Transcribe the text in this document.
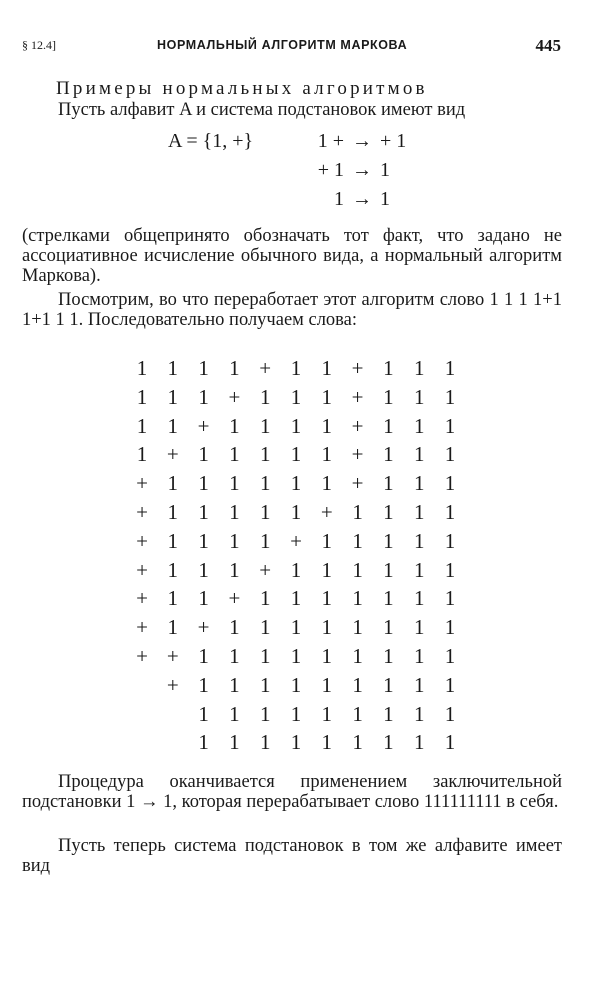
§ 12.4]	НОРМАЛЬНЫЙ АЛГОРИТМ МАРКОВА	445
Примеры нормальных алгоритмов
Пусть алфавит A и система подстановок имеют вид
A = {1, +}	1 + → + 1
+ 1 → 1
1 → 1
(стрелками общепринято обозначать тот факт, что задано не ассоциативное исчисление обычного вида, а нормальный алгоритм Маркова).
Посмотрим, во что переработает этот алгоритм слово 1 1 1 1+1 1+1 1 1. Последовательно получаем слова:
1 1 1 1 + 1 1 + 1 1 1
1 1 1 + 1 1 1 + 1 1 1
1 1 + 1 1 1 1 + 1 1 1
1 + 1 1 1 1 1 + 1 1 1
+ 1 1 1 1 1 1 + 1 1 1
+ 1 1 1 1 1 + 1 1 1 1
+ 1 1 1 1 + 1 1 1 1 1
+ 1 1 1 + 1 1 1 1 1 1
+ 1 1 + 1 1 1 1 1 1 1
+ 1 + 1 1 1 1 1 1 1 1
+ + 1 1 1 1 1 1 1 1 1
+ 1 1 1 1 1 1 1 1 1
1 1 1 1 1 1 1 1 1
1 1 1 1 1 1 1 1 1
Процедура оканчивается применением заключительной подстановки 1 → 1, которая перерабатывает слово 111111111 в себя.
Пусть теперь система подстановок в том же алфавите имеет вид
